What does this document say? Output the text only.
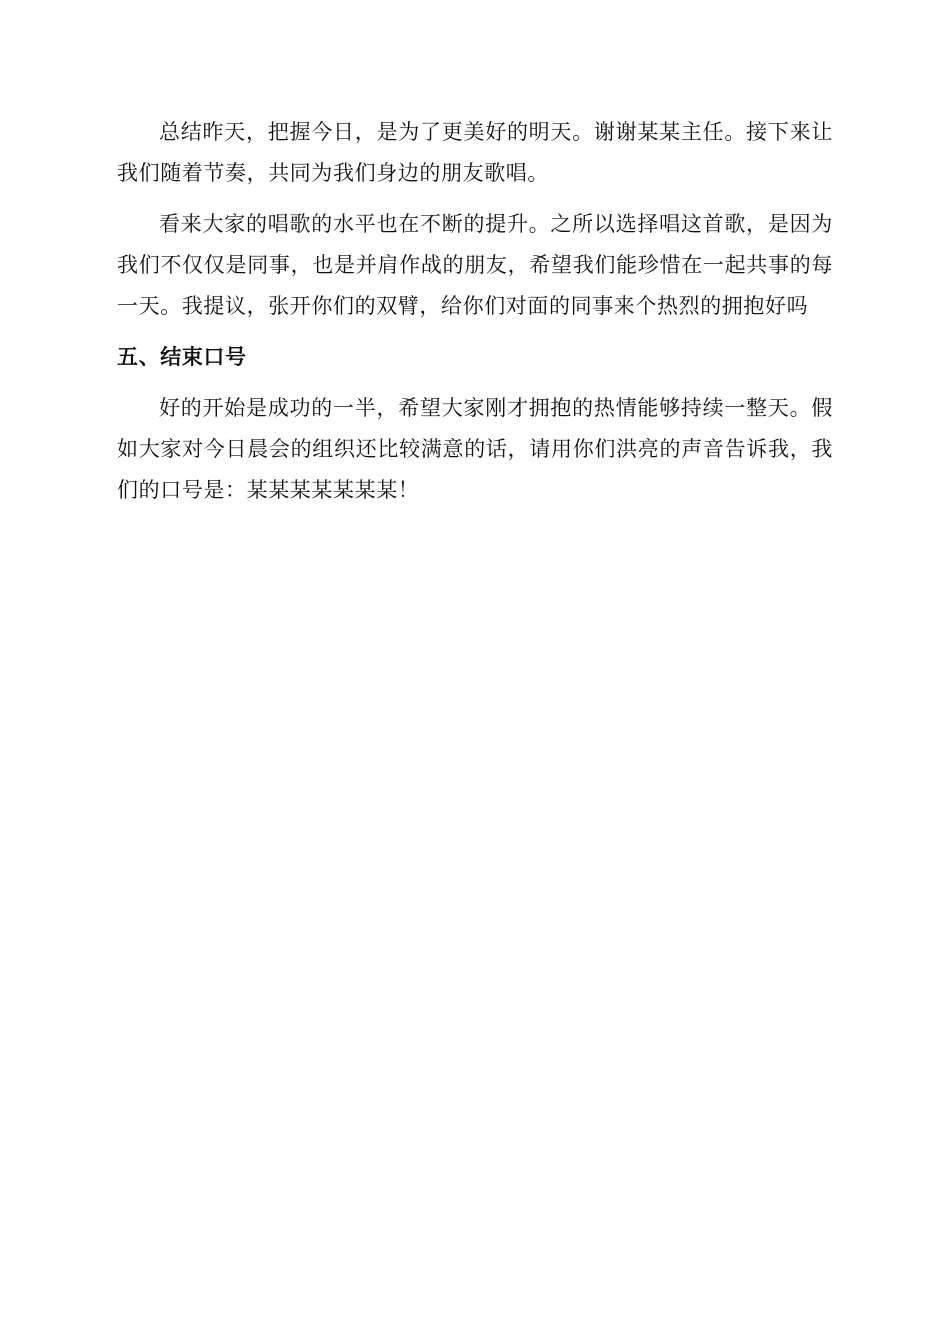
总结昨天，把握今日，是为了更美好的明天。谢谢某某主任。接下来让我们随着节奏，共同为我们身边的朋友歌唱。

看来大家的唱歌的水平也在不断的提升。之所以选择唱这首歌，是因为我们不仅仅是同事，也是并肩作战的朋友，希望我们能珍惜在一起共事的每一天。我提议，张开你们的双臂，给你们对面的同事来个热烈的拥抱好吗

五、结束口号

好的开始是成功的一半，希望大家刚才拥抱的热情能够持续一整天。假如大家对今日晨会的组织还比较满意的话，请用你们洪亮的声音告诉我，我们的口号是：某某某某某某某！
